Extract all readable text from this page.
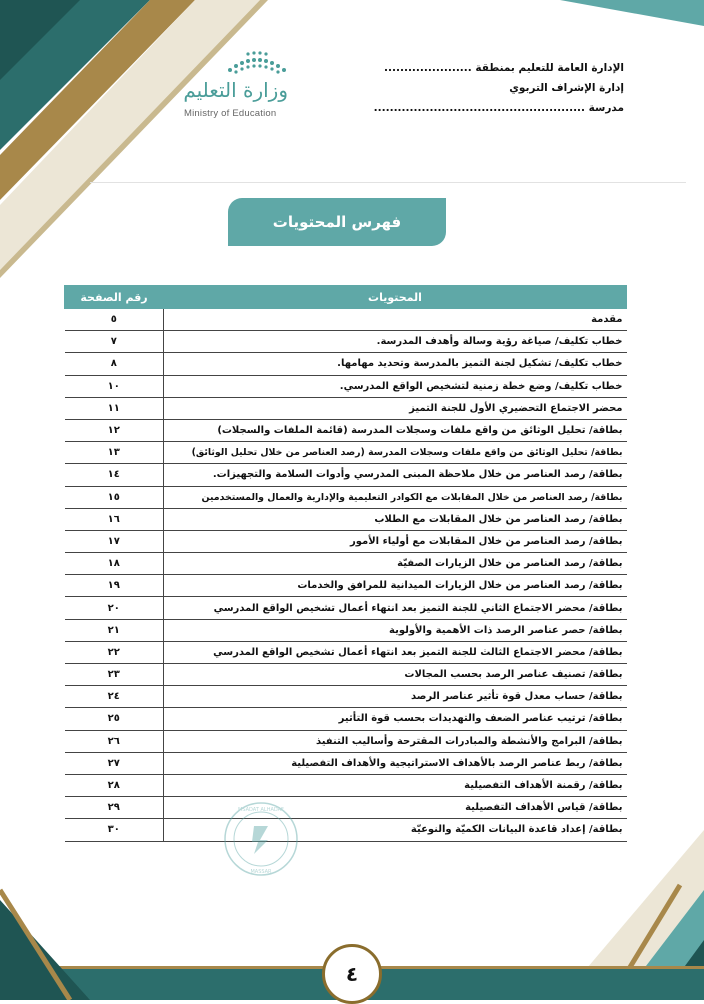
الإدارة العامة للتعليم بمنطقة ......................
إدارة الإشراف التربوي
مدرسة .....................................................
وزارة التعليم
Ministry of Education
فهرس المحتويات
المحتويات	رقم الصفحة
مقدمة	٥
خطاب تكليف/ صياغة رؤية وسالة وأهدف المدرسة.	٧
خطاب تكليف/ تشكيل لجنة التميز بالمدرسة وتحديد مهامها.	٨
خطاب تكليف/ وضع خطة زمنية لتشخيص الواقع المدرسي.	١٠
محضر الاجتماع التحضيري الأول للجنة التميز	١١
بطاقة/ تحليل الوثائق من واقع ملفات وسجلات المدرسة (قائمة الملفات والسجلات)	١٢
بطاقة/ تحليل الوثائق من واقع ملفات وسجلات المدرسة (رصد العناصر من خلال تحليل الوثائق)	١٣
بطاقة/ رصد العناصر من خلال ملاحظة المبنى المدرسي وأدوات السلامة والتجهيزات.	١٤
بطاقة/ رصد العناصر من خلال المقابلات مع الكوادر التعليمية والإدارية والعمال والمستخدمين	١٥
بطاقة/ رصد العناصر من خلال المقابلات مع الطلاب	١٦
بطاقة/ رصد العناصر من خلال المقابلات مع أولياء الأمور	١٧
بطاقة/ رصد العناصر من خلال الزيارات الصفيّة	١٨
بطاقة/ رصد العناصر من خلال الزيارات الميدانية للمرافق والخدمات	١٩
بطاقة/ محضر الاجتماع الثاني للجنة التميز بعد انتهاء أعمال تشخيص الواقع المدرسي	٢٠
بطاقة/ حصر عناصر الرصد ذات الأهمية والأولوية	٢١
بطاقة/ محضر الاجتماع الثالث للجنة التميز بعد انتهاء أعمال تشخيص الواقع المدرسي	٢٢
بطاقة/ تصنيف عناصر الرصد بحسب المجالات	٢٣
بطاقة/ حساب معدل قوة تأثير عناصر الرصد	٢٤
بطاقة/ ترتيب عناصر الضعف والتهديدات بحسب قوة التأثير	٢٥
بطاقة/ البرامج والأنشطة والمبادرات المقترحة وأساليب التنفيذ	٢٦
بطاقة/ ربط عناصر الرصد بالأهداف الاستراتيجية والأهداف التفصيلية	٢٧
بطاقة/ رقمنة الأهداف التفصيلية	٢٨
بطاقة/ قياس الأهداف التفصيلية	٢٩
بطاقة/ إعداد قاعدة البيانات الكميّة والنوعيّة	٣٠
MSADAT ALHADAF
MASSAR
٤
